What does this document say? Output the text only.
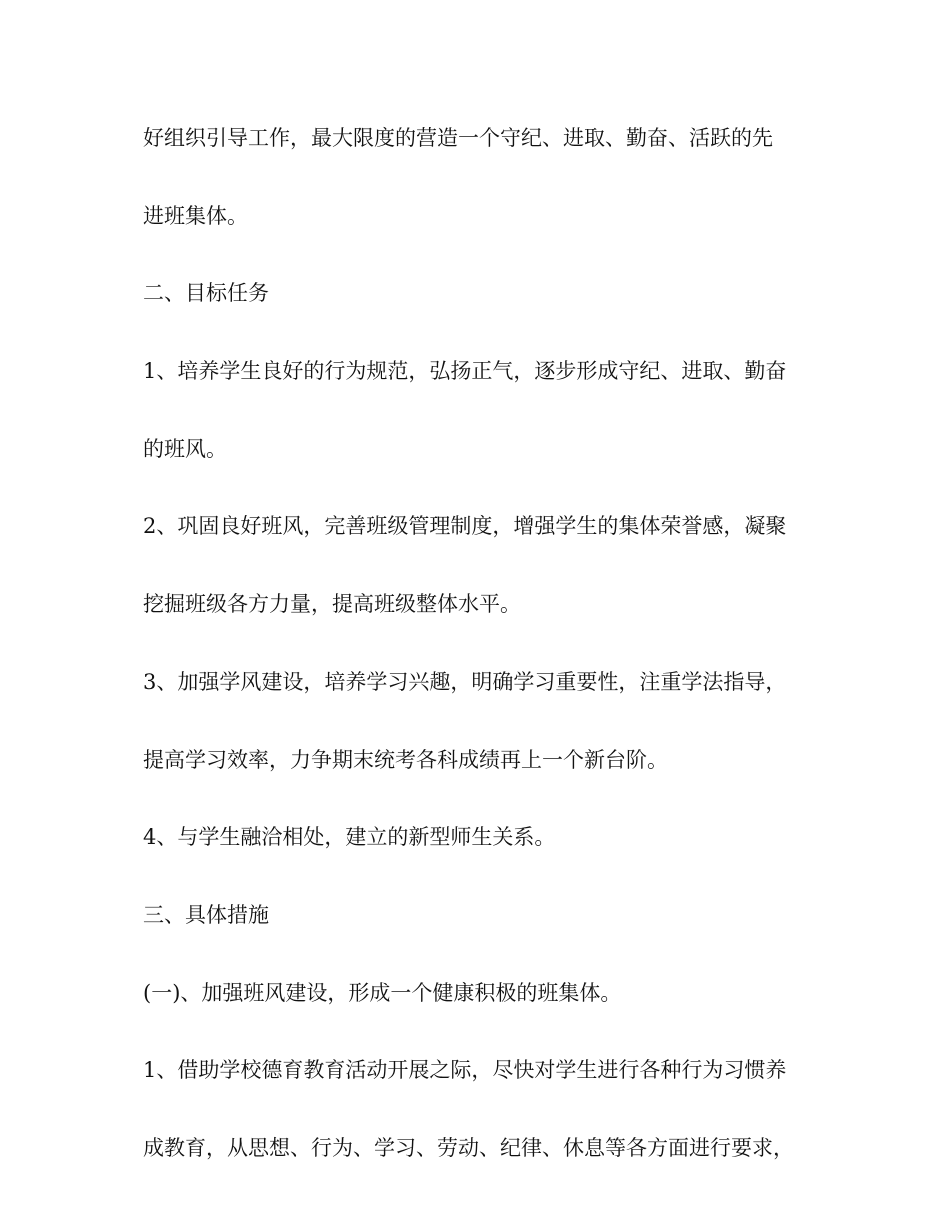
好组织引导工作，最大限度的营造一个守纪、进取、勤奋、活跃的先
进班集体。
二、目标任务
1、培养学生良好的行为规范，弘扬正气，逐步形成守纪、进取、勤奋
的班风。
2、巩固良好班风，完善班级管理制度，增强学生的集体荣誉感，凝聚
挖掘班级各方力量，提高班级整体水平。
3、加强学风建设，培养学习兴趣，明确学习重要性，注重学法指导，
提高学习效率，力争期末统考各科成绩再上一个新台阶。
4、与学生融洽相处，建立的新型师生关系。
三、具体措施
(一)、加强班风建设，形成一个健康积极的班集体。
1、借助学校德育教育活动开展之际，尽快对学生进行各种行为习惯养
成教育，从思想、行为、学习、劳动、纪律、休息等各方面进行要求，
